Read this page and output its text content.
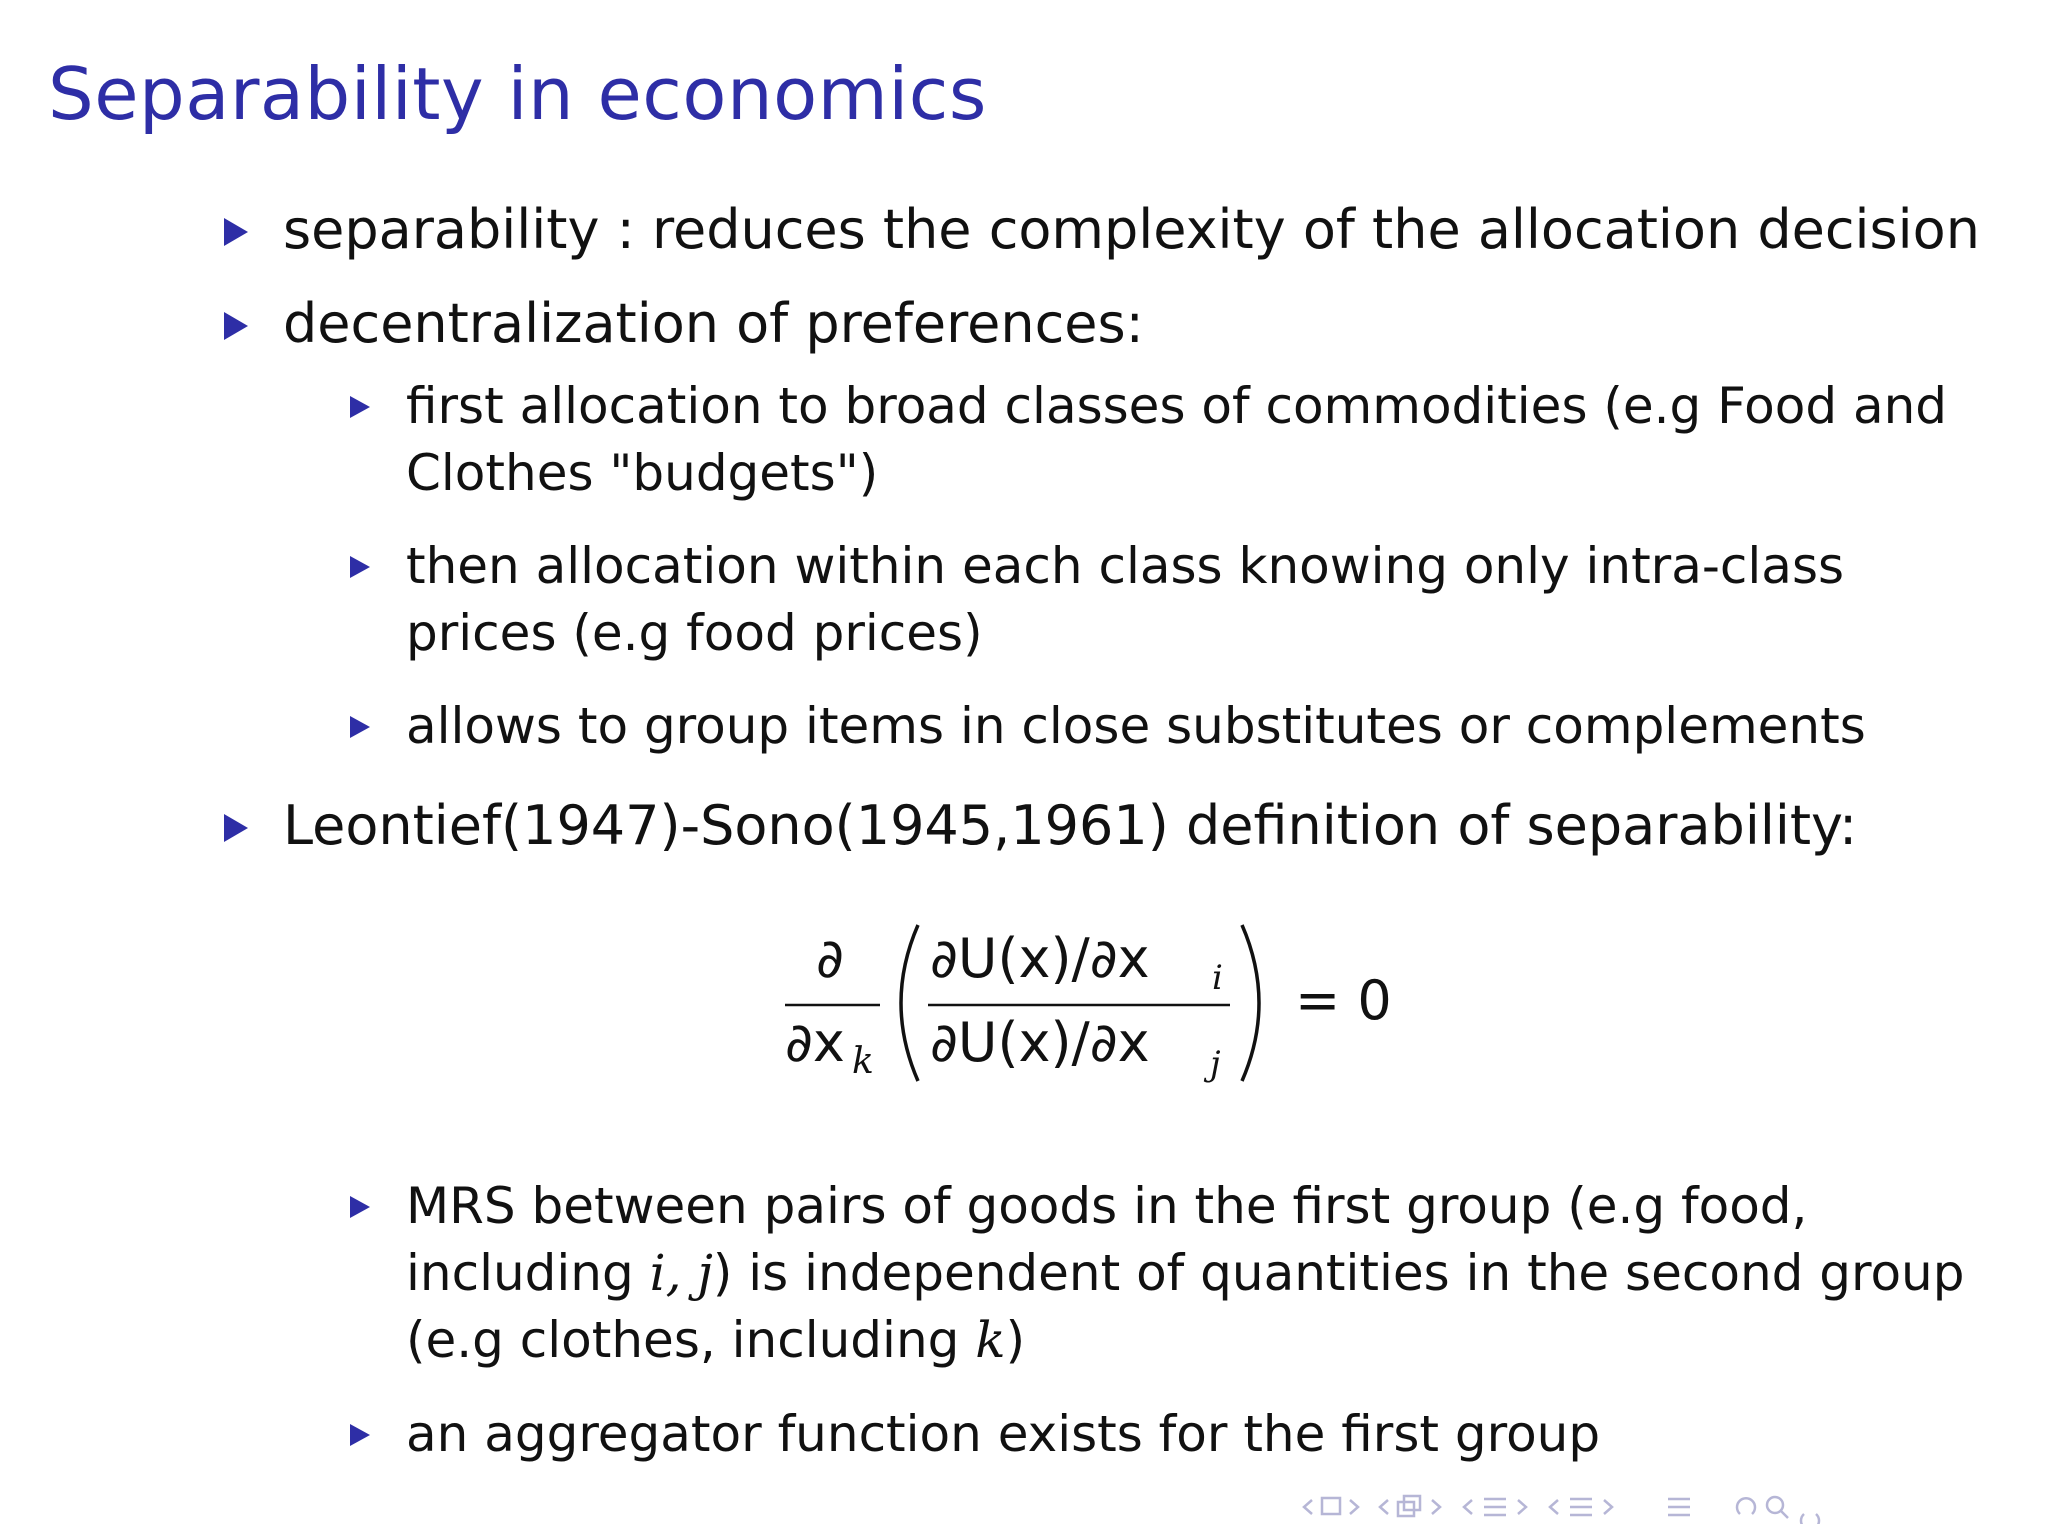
Separability in economics
separability : reduces the complexity of the allocation decision
decentralization of preferences:
first allocation to broad classes of commodities (e.g Food and
Clothes "budgets")
then allocation within each class knowing only intra-class
prices (e.g food prices)
allows to group items in close substitutes or complements
Leontief(1947)-Sono(1945,1961) definition of separability:
MRS between pairs of goods in the first group (e.g food,
including i, j) is independent of quantities in the second group
(e.g clothes, including k)
an aggregator function exists for the first group
∂
∂x k
∂U(x)/∂x i
∂U(x)/∂x j
= 0
